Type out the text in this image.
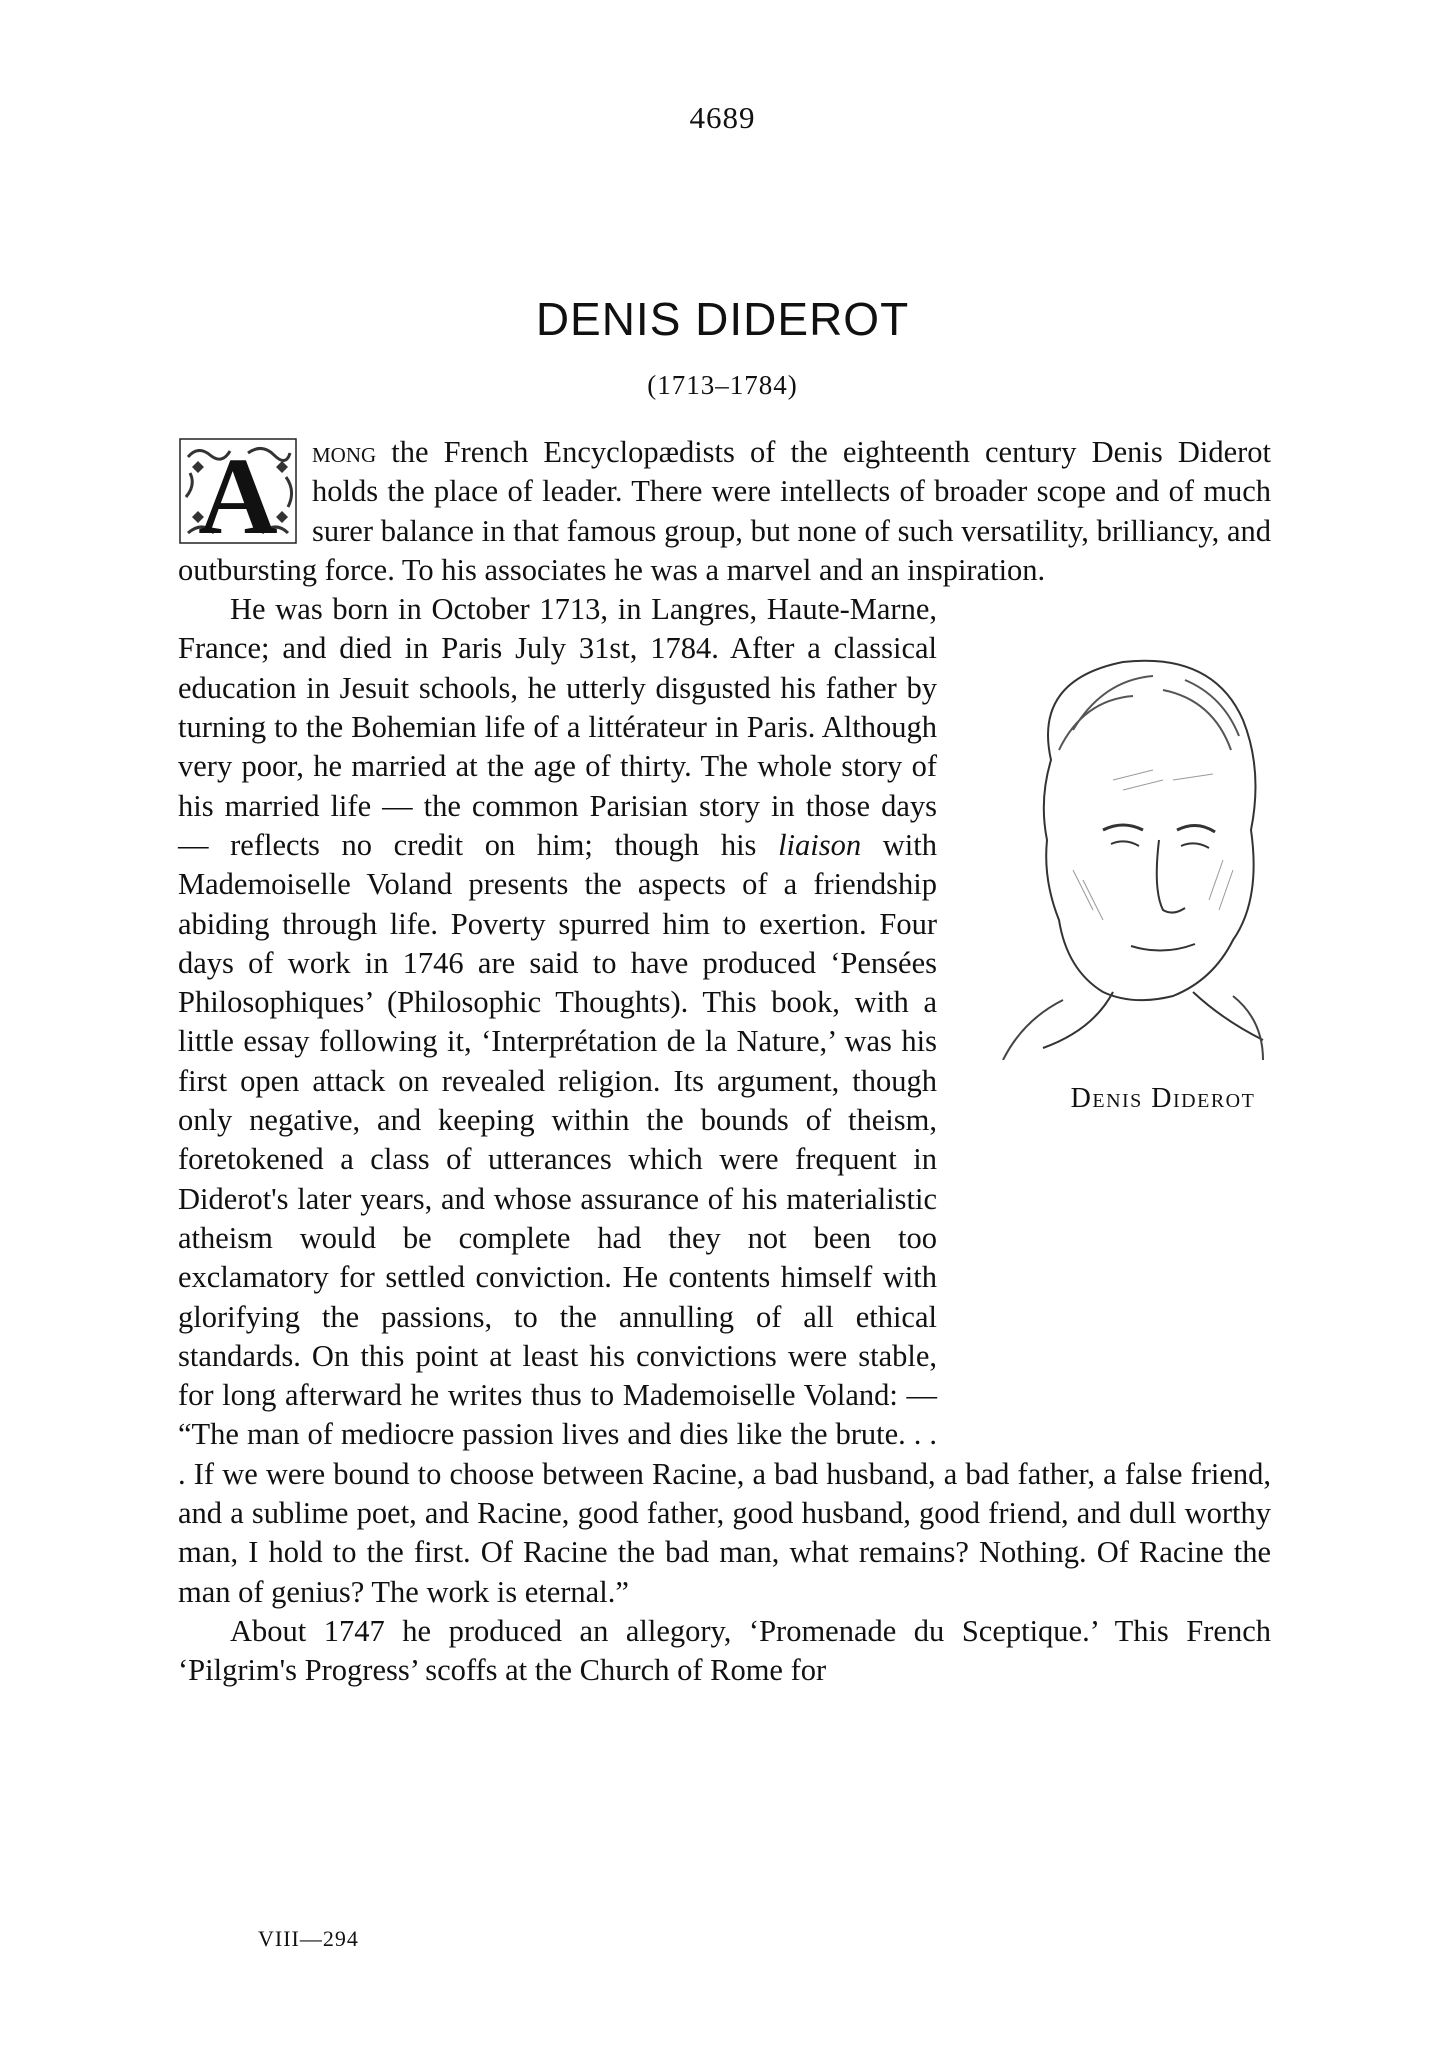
4689
DENIS DIDEROT
(1713–1784)

A mong the French Encyclopædists of the eighteenth century Denis Diderot holds the place of leader. There were intellects of broader scope and of much surer balance in that famous group, but none of such versatility, brilliancy, and outbursting force. To his associates he was a marvel and an inspiration.

Denis Diderot
He was born in October 1713, in Langres, Haute-Marne, France; and died in Paris July 31st, 1784. After a classical education in Jesuit schools, he utterly disgusted his father by turning to the Bohemian life of a littérateur in Paris. Although very poor, he married at the age of thirty. The whole story of his married life — the common Parisian story in those days — reflects no credit on him; though his liaison with Mademoiselle Voland presents the aspects of a friendship abiding through life. Poverty spurred him to exertion. Four days of work in 1746 are said to have produced ‘Pensées Philosophiques’ (Philosophic Thoughts). This book, with a little essay following it, ‘Interprétation de la Nature,’ was his first open attack on revealed religion. Its argument, though only negative, and keeping within the bounds of theism, foretokened a class of utterances which were frequent in Diderot's later years, and whose assurance of his materialistic atheism would be complete had they not been too exclamatory for settled conviction. He contents himself with glorifying the passions, to the annulling of all ethical standards. On this point at least his convictions were stable, for long afterward he writes thus to Mademoiselle Voland: — “The man of mediocre passion lives and dies like the brute. . . . If we were bound to choose between Racine, a bad husband, a bad father, a false friend, and a sublime poet, and Racine, good father, good husband, good friend, and dull worthy man, I hold to the first. Of Racine the bad man, what remains? Nothing. Of Racine the man of genius? The work is eternal.”

About 1747 he produced an allegory, ‘Promenade du Sceptique.’ This French ‘Pilgrim's Progress’ scoffs at the Church of Rome for

VIII—294
